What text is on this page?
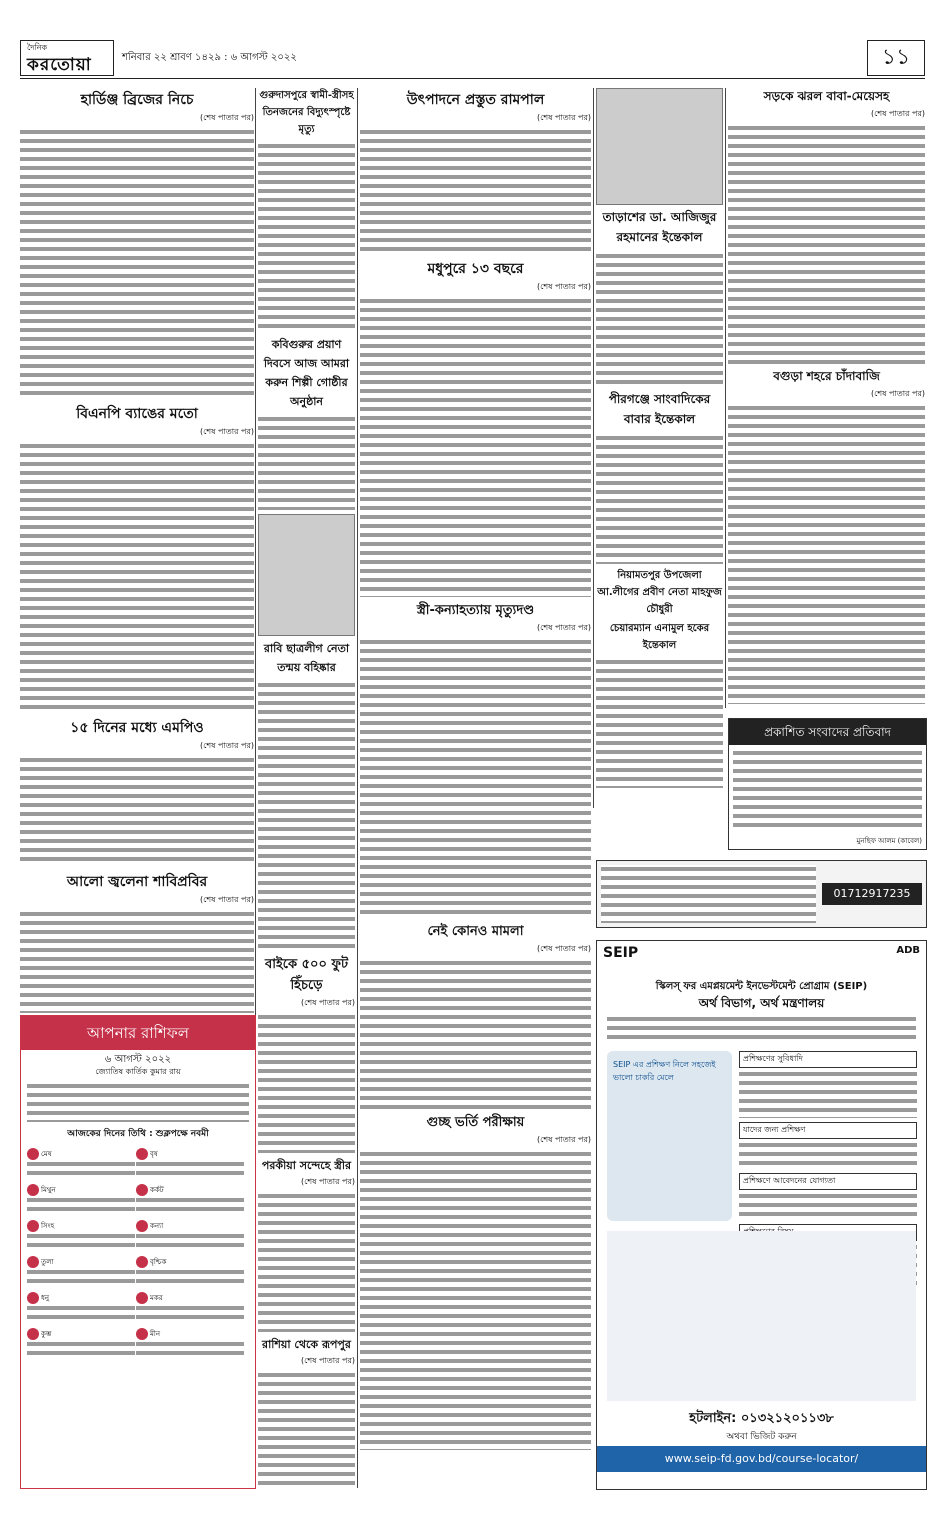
দৈনিক
করতোয়া	শনিবার ২২ শ্রাবণ ১৪২৯ : ৬ আগস্ট ২০২২	১১

হার্ডিঞ্জ ব্রিজের নিচে

(শেষ পাতার পর)

বিএনপি ব্যাঙের মতো

(শেষ পাতার পর)

১৫ দিনের মধ্যে এমপিও

(শেষ পাতার পর)

আলো জ্বলেনা শাবিপ্রবির

(শেষ পাতার পর)

আপনার রাশিফল
৬ আগস্ট ২০২২
জ্যোতিষ কার্তিক কুমার রায়
আজকের দিনের তিথি : শুক্লপক্ষে নবমী
মেষ	বৃষ
মিথুন	কর্কট
সিংহ	কন্যা
তুলা	বৃশ্চিক
ধনু	মকর
কুম্ভ	মীন

গুরুদাসপুরে স্বামী-স্ত্রীসহ তিনজনের বিদ্যুৎস্পৃষ্টে মৃত্যু

কবিগুরুর প্রয়াণ দিবসে আজ আমরা করুন শিল্পী গোষ্ঠীর অনুষ্ঠান

রাবি ছাত্রলীগ নেতা তন্ময় বহিষ্কার

বাইকে ৫০০ ফুট হিঁচড়ে

(শেষ পাতার পর)

পরকীয়া সন্দেহে স্ত্রীর

(শেষ পাতার পর)

রাশিয়া থেকে রূপপুর

(শেষ পাতার পর)

উৎপাদনে প্রস্তুত রামপাল

(শেষ পাতার পর)

মধুপুরে ১৩ বছরে

(শেষ পাতার পর)

স্ত্রী-কন্যাহত্যায় মৃত্যুদণ্ড

(শেষ পাতার পর)

নেই কোনও মামলা

(শেষ পাতার পর)

গুচ্ছ ভর্তি পরীক্ষায়

(শেষ পাতার পর)

তাড়াশের ডা. আজিজুর রহমানের ইন্তেকাল

পীরগঞ্জে সাংবাদিকের বাবার ইন্তেকাল

নিয়ামতপুর উপজেলা আ.লীগের প্রবীণ নেতা মাহফুজ চৌধুরী

চেয়ারম্যান এনামুল হকের ইন্তেকাল

সড়কে ঝরল বাবা-মেয়েসহ

(শেষ পাতার পর)

বগুড়া শহরে চাঁদাবাজি

(শেষ পাতার পর)

প্রকাশিত সংবাদের প্রতিবাদ
মুনছিফ আলম (কাবেল)
01712917235
SEIP	ADB
স্কিলস্ ফর এমপ্লয়মেন্ট ইনভেস্টমেন্ট প্রোগ্রাম (SEIP)
অর্থ বিভাগ, অর্থ মন্ত্রণালয়
SEIP এর প্রশিক্ষণ নিলে সহজেই ভালো চাকরি মেলে
প্রশিক্ষণের সুবিধাদি
যাদের জন্য প্রশিক্ষণ
প্রশিক্ষণে আবেদনের যোগ্যতা
হটলাইন: ০১৩২১২০১১৩৮
অথবা ভিজিট করুন
www.seip-fd.gov.bd/course-locator/
